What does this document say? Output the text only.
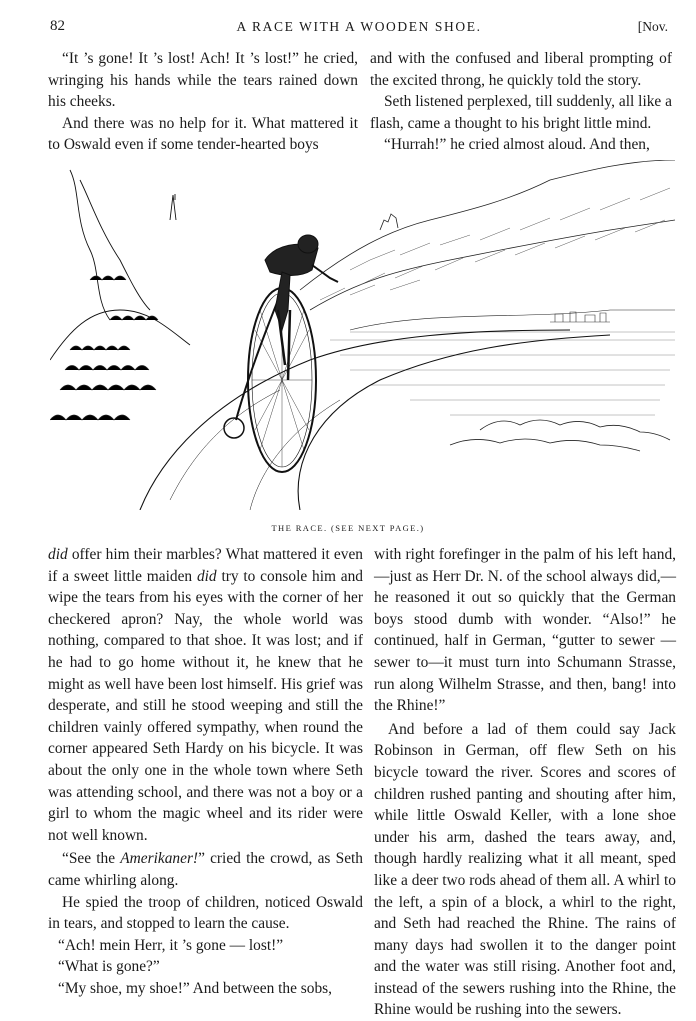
82	A RACE WITH A WOODEN SHOE.	[Nov.

“It ’s gone! It ’s lost! Ach! It ’s lost!” he cried, wringing his hands while the tears rained down his cheeks.

And there was no help for it. What mattered it to Oswald even if some tender-hearted boys

and with the confused and liberal prompting of the excited throng, he quickly told the story.

Seth listened perplexed, till suddenly, all like a flash, came a thought to his bright little mind.

“Hurrah!” he cried almost aloud. And then,

THE RACE. (SEE NEXT PAGE.)

did offer him their marbles? What mattered it even if a sweet little maiden did try to console him and wipe the tears from his eyes with the corner of her checkered apron? Nay, the whole world was nothing, compared to that shoe. It was lost; and if he had to go home without it, he knew that he might as well have been lost himself. His grief was desperate, and still he stood weeping and still the children vainly offered sympathy, when round the corner appeared Seth Hardy on his bicycle. It was about the only one in the whole town where Seth was attending school, and there was not a boy or a girl to whom the magic wheel and its rider were not well known.

“See the Amerikaner!” cried the crowd, as Seth came whirling along.

He spied the troop of children, noticed Oswald in tears, and stopped to learn the cause.

“Ach! mein Herr, it ’s gone — lost!”

“What is gone?”

“My shoe, my shoe!” And between the sobs,

with right forefinger in the palm of his left hand, —just as Herr Dr. N. of the school always did,— he reasoned it out so quickly that the German boys stood dumb with wonder. “Also!” he continued, half in German, “gutter to sewer —sewer to—it must turn into Schumann Strasse, run along Wilhelm Strasse, and then, bang! into the Rhine!”

And before a lad of them could say Jack Robinson in German, off flew Seth on his bicycle toward the river. Scores and scores of children rushed panting and shouting after him, while little Oswald Keller, with a lone shoe under his arm, dashed the tears away, and, though hardly realizing what it all meant, sped like a deer two rods ahead of them all. A whirl to the left, a spin of a block, a whirl to the right, and Seth had reached the Rhine. The rains of many days had swollen it to the danger point and the water was still rising. Another foot and, instead of the sewers rushing into the Rhine, the Rhine would be rushing into the sewers.
